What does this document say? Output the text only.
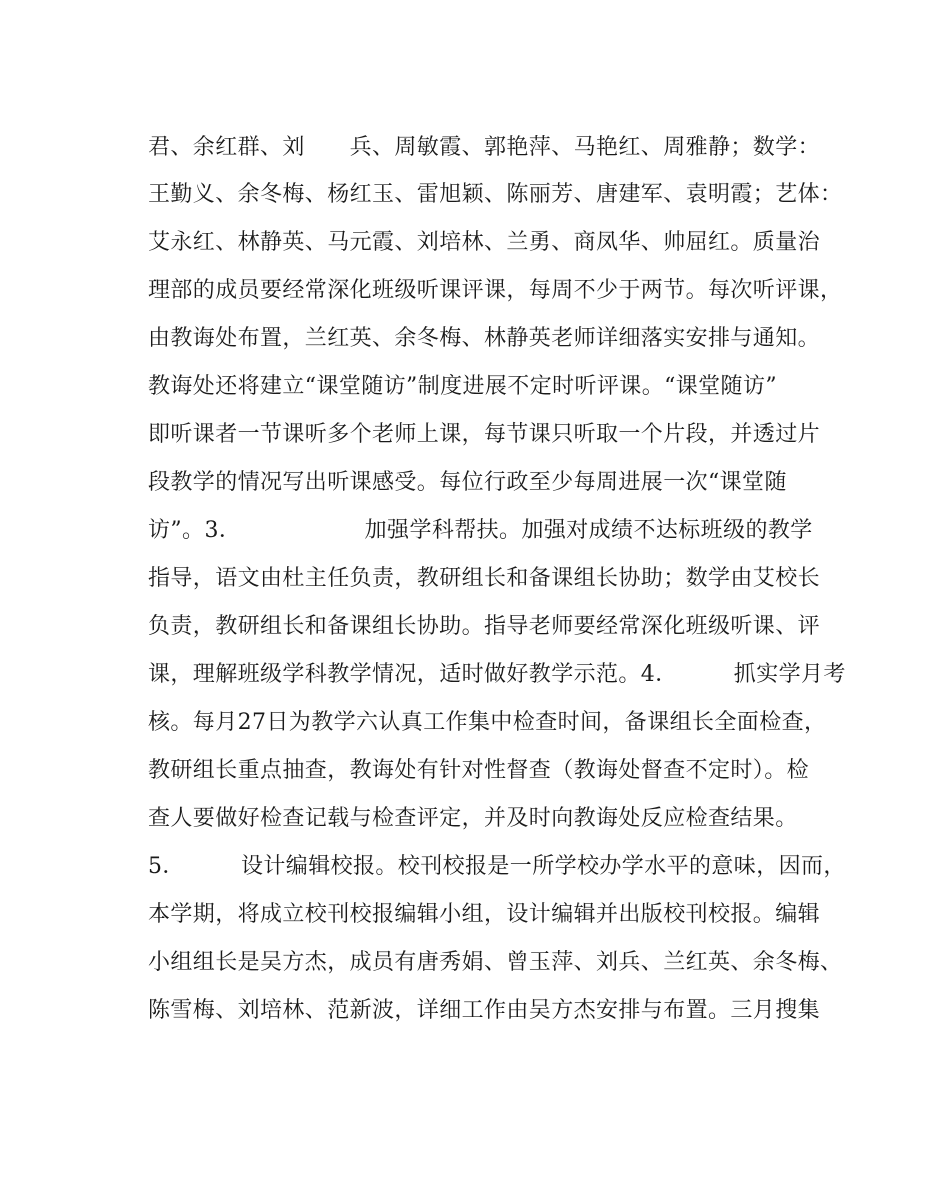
君、余红群、刘　　兵、周敏霞、郭艳萍、马艳红、周雅静；数学：
王勤义、余冬梅、杨红玉、雷旭颖、陈丽芳、唐建军、袁明霞；艺体：
艾永红、林静英、马元霞、刘培林、兰勇、商凤华、帅屈红。质量治
理部的成员要经常深化班级听课评课，每周不少于两节。每次听评课，
由教诲处布置，兰红英、余冬梅、林静英老师详细落实安排与通知。
教诲处还将建立“课堂随访”制度进展不定时听评课。“课堂随访”
即听课者一节课听多个老师上课，每节课只听取一个片段，并透过片
段教学的情况写出听课感受。每位行政至少每周进展一次“课堂随
访”。3．　　　　　　加强学科帮扶。加强对成绩不达标班级的教学
指导，语文由杜主任负责，教研组长和备课组长协助；数学由艾校长
负责，教研组长和备课组长协助。指导老师要经常深化班级听课、评
课，理解班级学科教学情况，适时做好教学示范。4．　　　抓实学月考
核。每月27日为教学六认真工作集中检查时间，备课组长全面检查，
教研组长重点抽查，教诲处有针对性督查（教诲处督查不定时）。检
查人要做好检查记载与检查评定，并及时向教诲处反应检查结果。
5．　　　设计编辑校报。校刊校报是一所学校办学水平的意味，因而，
本学期，将成立校刊校报编辑小组，设计编辑并出版校刊校报。编辑
小组组长是吴方杰，成员有唐秀娟、曾玉萍、刘兵、兰红英、余冬梅、
陈雪梅、刘培林、范新波，详细工作由吴方杰安排与布置。三月搜集
